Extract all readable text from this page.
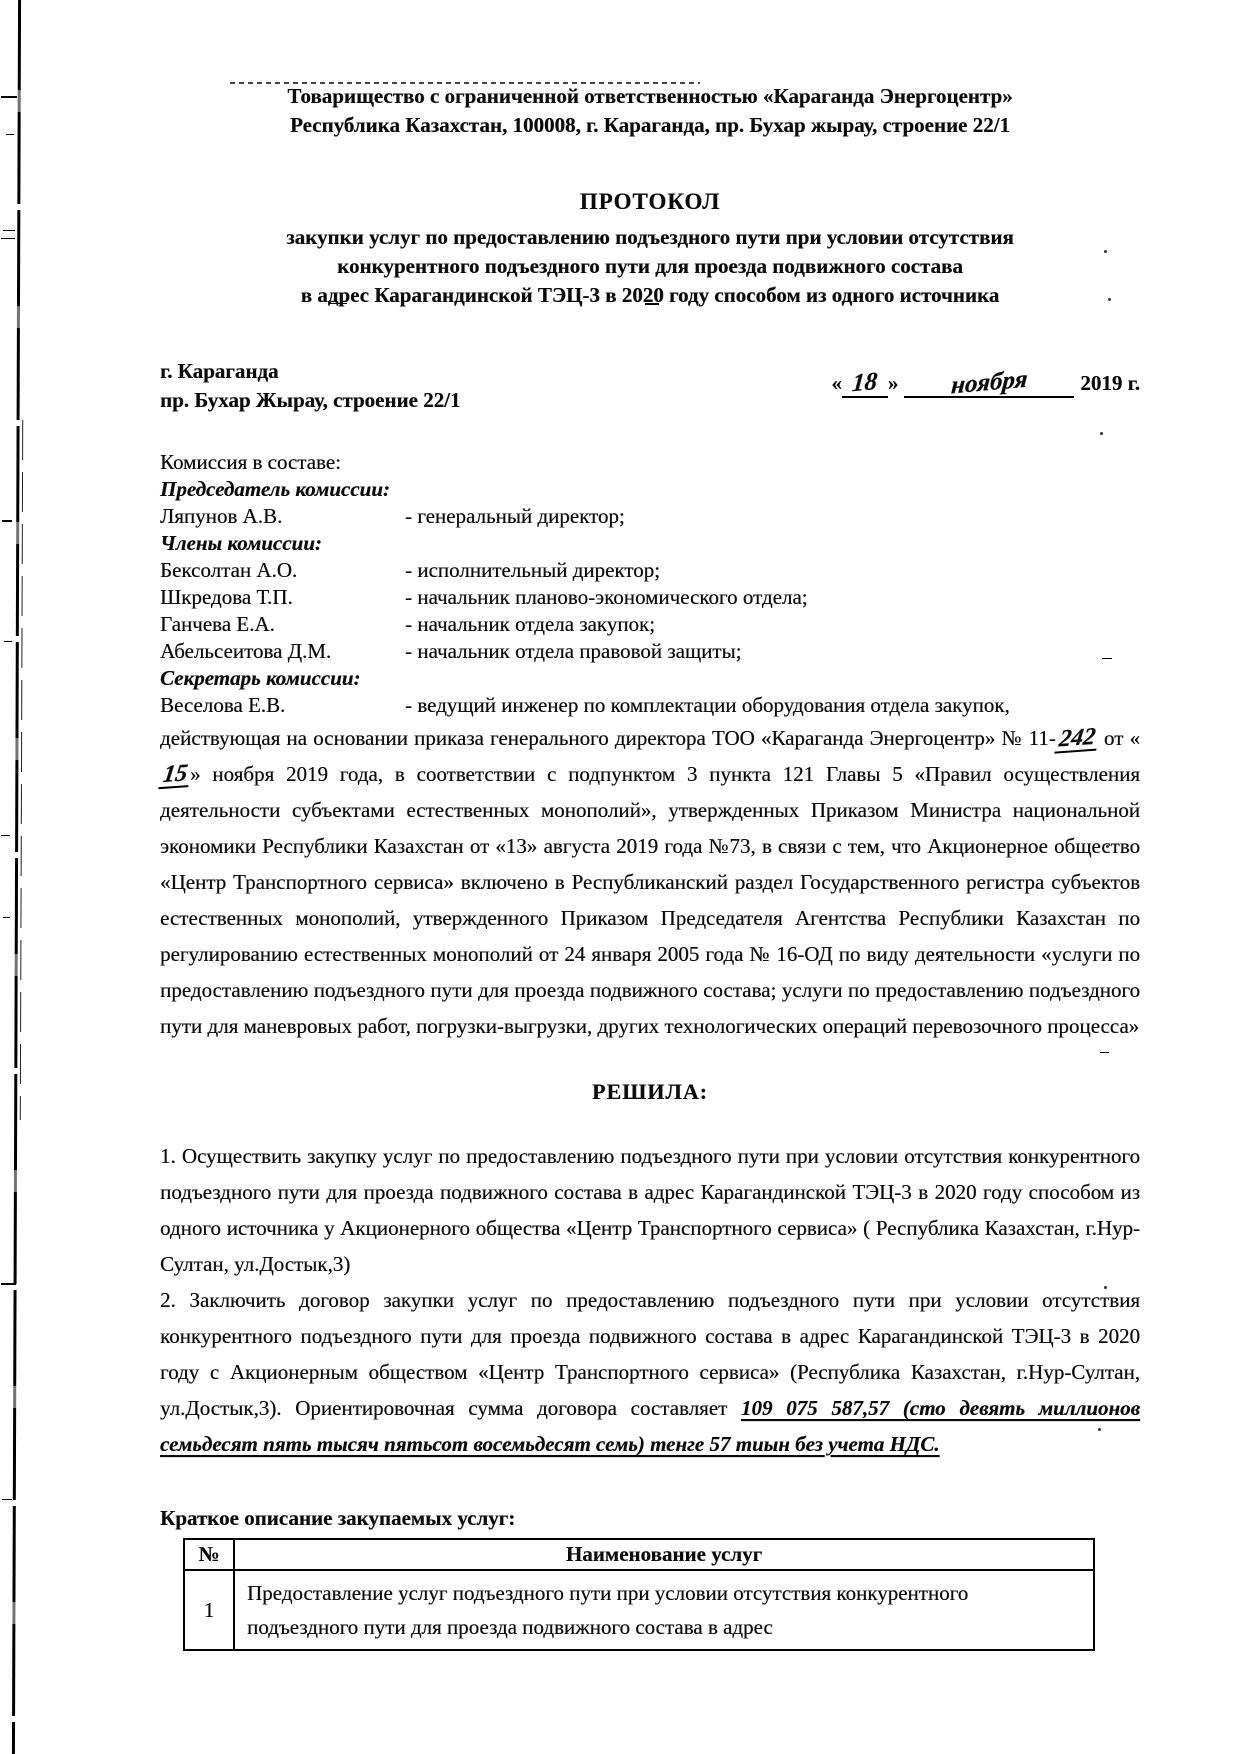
Товарищество с ограниченной ответственностью «Караганда Энергоцентр»
Республика Казахстан, 100008, г. Караганда, пр. Бухар жырау, строение 22/1
ПРОТОКОЛ
закупки услуг по предоставлению подъездного пути при условии отсутствия
конкурентного подъездного пути для проезда подвижного состава
в адрес Карагандинской ТЭЦ-3 в 2020 году способом из одного источника
г. Караганда
пр. Бухар Жырау, строение 22/1
« 18 » ноября 2019 г.
Комиссия в составе:
Председатель комиссии:
Ляпунов А.В.	- генеральный директор;
Члены комиссии:
Бексолтан А.О.	- исполнительный директор;
Шкредова Т.П.	- начальник планово-экономического отдела;
Ганчева Е.А.	- начальник отдела закупок;
Абельсеитова Д.М.	- начальник отдела правовой защиты;
Секретарь комиссии:
Веселова Е.В.	- ведущий инженер по комплектации оборудования отдела закупок,
действующая на основании приказа генерального директора ТОО «Караганда Энергоцентр» № 11-242 от «15» ноября 2019 года, в соответствии с подпунктом 3 пункта 121 Главы 5 «Правил осуществления деятельности субъектами естественных монополий», утвержденных Приказом Министра национальной экономики Республики Казахстан от «13» августа 2019 года №73, в связи с тем, что Акционерное общество «Центр Транспортного сервиса» включено в Республиканский раздел Государственного регистра субъектов естественных монополий, утвержденного Приказом Председателя Агентства Республики Казахстан по регулированию естественных монополий от 24 января 2005 года № 16-ОД по виду деятельности «услуги по предоставлению подъездного пути для проезда подвижного состава; услуги по предоставлению подъездного пути для маневровых работ, погрузки-выгрузки, других технологических операций перевозочного процесса»
РЕШИЛА:
1. Осуществить закупку услуг по предоставлению подъездного пути при условии отсутствия конкурентного подъездного пути для проезда подвижного состава в адрес Карагандинской ТЭЦ-3 в 2020 году способом из одного источника у Акционерного общества «Центр Транспортного сервиса» ( Республика Казахстан, г.Нур-Султан, ул.Достык,3)
2. Заключить договор закупки услуг по предоставлению подъездного пути при условии отсутствия конкурентного подъездного пути для проезда подвижного состава в адрес Карагандинской ТЭЦ-3 в 2020 году с Акционерным обществом «Центр Транспортного сервиса» (Республика Казахстан, г.Нур-Султан, ул.Достык,3). Ориентировочная сумма договора составляет 109 075 587,57 (сто девять миллионов семьдесят пять тысяч пятьсот восемьдесят семь) тенге 57 тиын без учета НДС.
Краткое описание закупаемых услуг:
№	Наименование услуг
1	Предоставление услуг подъездного пути при условии отсутствия конкурентного подъездного пути для проезда подвижного состава в адрес
